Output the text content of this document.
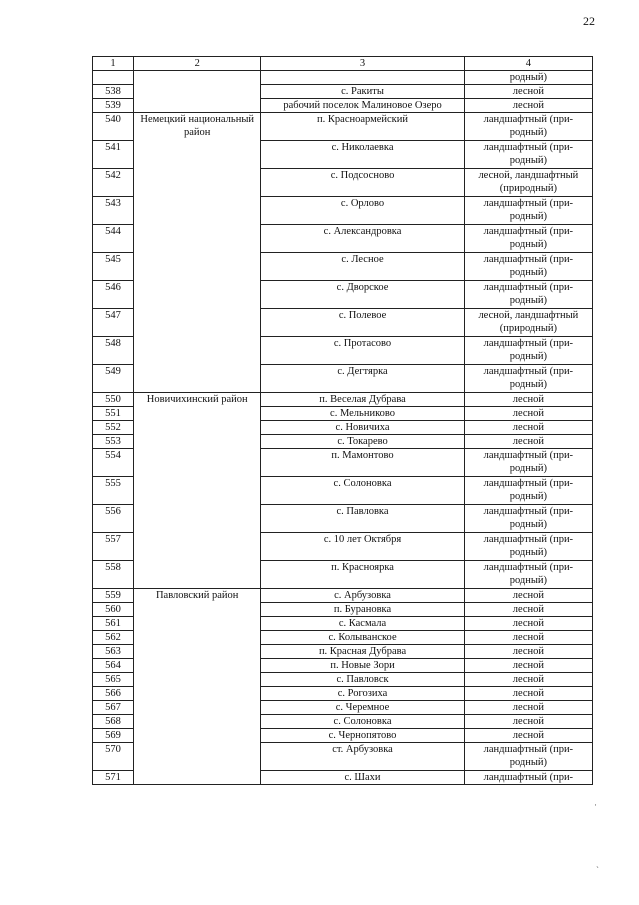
22
1	2	3	4
			родный)
538		с. Ракиты	лесной
539		рабочий поселок Малиновое Озеро	лесной
540	Немецкий национальный район	п. Красноармейский	ландшафтный (при-родный)
541		с. Николаевка	ландшафтный (при-родный)
542		с. Подсосново	лесной, ландшафтный (природный)
543		с. Орлово	ландшафтный (при-родный)
544		с. Александровка	ландшафтный (при-родный)
545		с. Лесное	ландшафтный (при-родный)
546		с. Дворское	ландшафтный (при-родный)
547		с. Полевое	лесной, ландшафтный (природный)
548		с. Протасово	ландшафтный (при-родный)
549		с. Дегтярка	ландшафтный (при-родный)
550	Новичихинский район	п. Веселая Дубрава	лесной
551		с. Мельниково	лесной
552		с. Новичиха	лесной
553		с. Токарево	лесной
554		п. Мамонтово	ландшафтный (при-родный)
555		с. Солоновка	ландшафтный (при-родный)
556		с. Павловка	ландшафтный (при-родный)
557		с. 10 лет Октября	ландшафтный (при-родный)
558		п. Красноярка	ландшафтный (при-родный)
559	Павловский район	с. Арбузовка	лесной
560		п. Бурановка	лесной
561		с. Касмала	лесной
562		с. Колыванское	лесной
563		п. Красная Дубрава	лесной
564		п. Новые Зори	лесной
565		с. Павловск	лесной
566		с. Рогозиха	лесной
567		с. Черемное	лесной
568		с. Солоновка	лесной
569		с. Чернопятово	лесной
570		ст. Арбузовка	ландшафтный (при-родный)
571		с. Шахи	ландшафтный (при-
·
ˏ
